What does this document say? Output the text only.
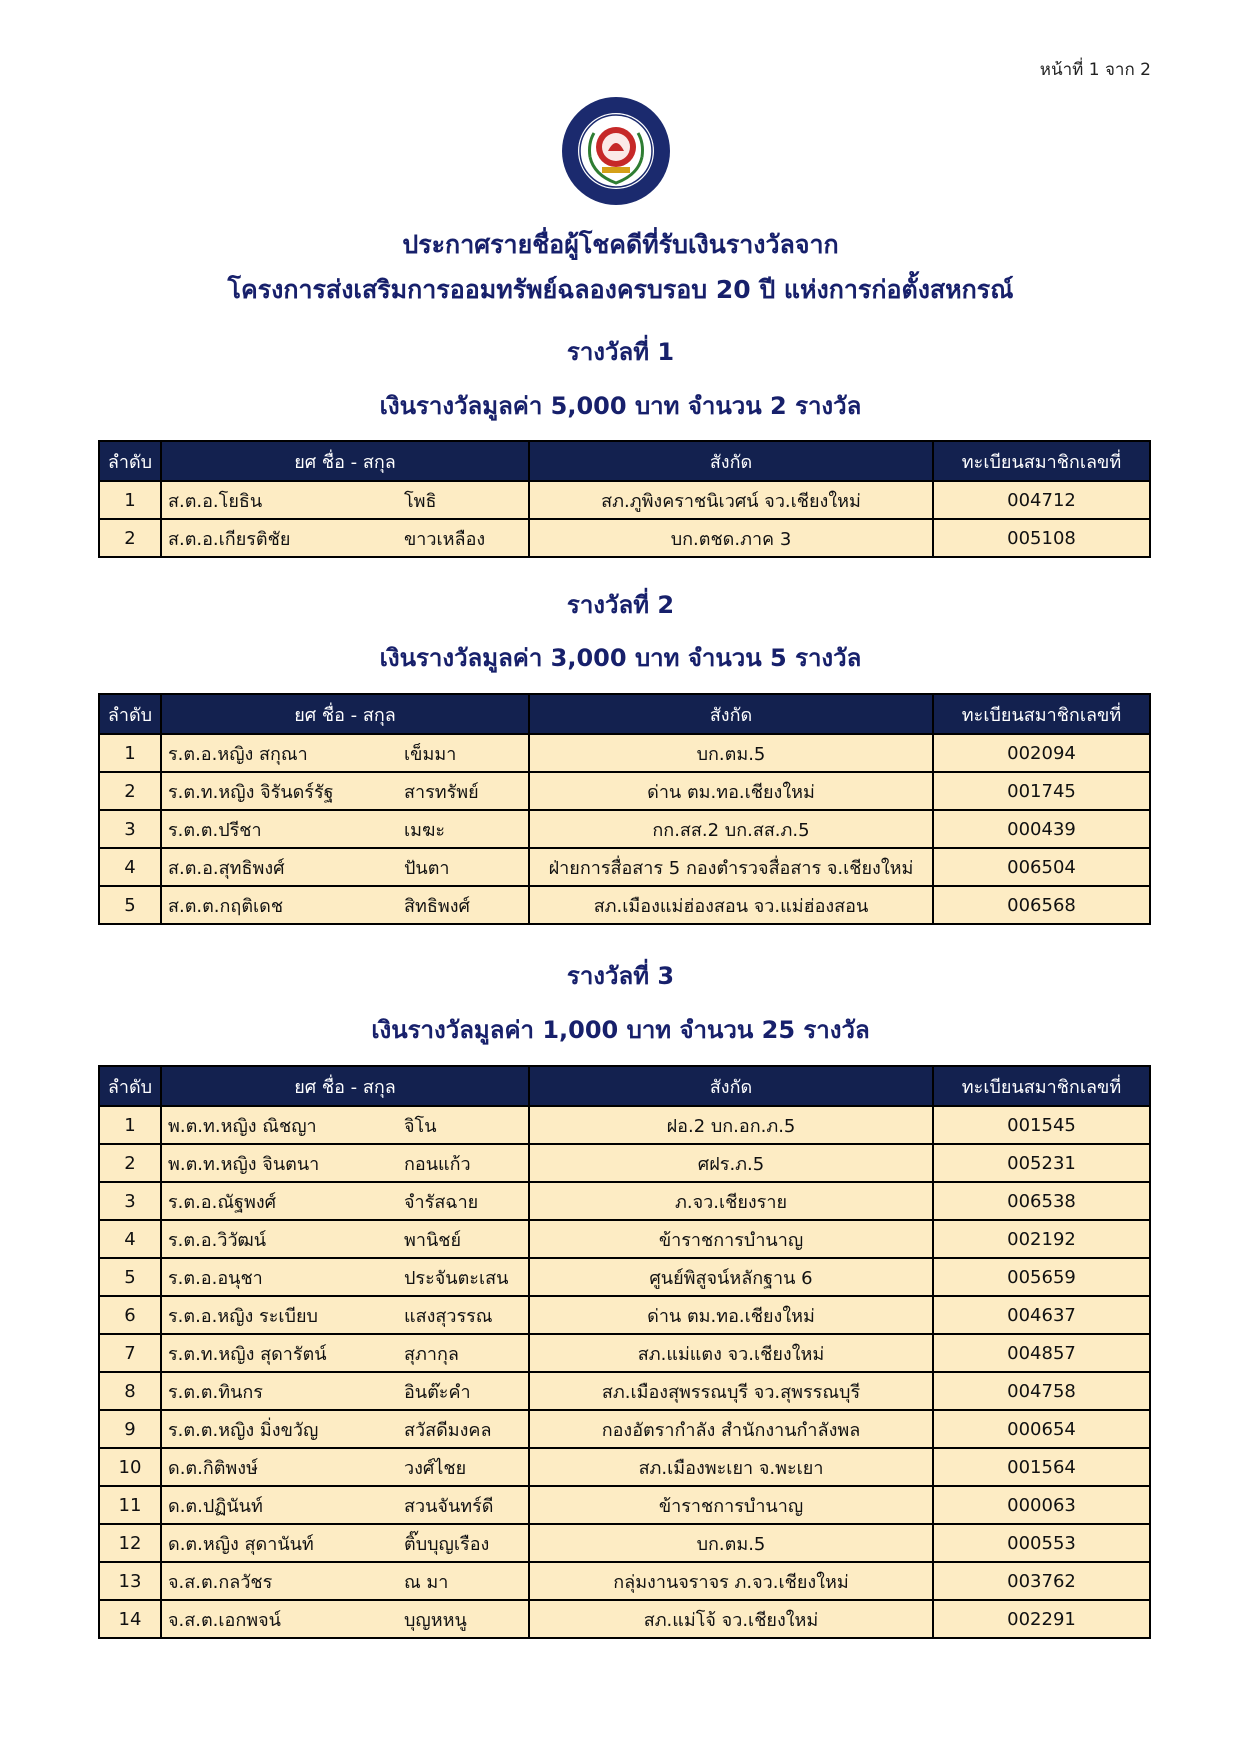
หน้าที่ 1 จาก 2
ประกาศรายชื่อผู้โชคดีที่รับเงินรางวัลจาก
โครงการส่งเสริมการออมทรัพย์ฉลองครบรอบ 20 ปี แห่งการก่อตั้งสหกรณ์
รางวัลที่ 1
เงินรางวัลมูลค่า 5,000 บาท จำนวน 2 รางวัล
ลำดับ	ยศ ชื่อ - สกุล	สังกัด	ทะเบียนสมาชิกเลขที่
1	ส.ต.อ.โยธิน โพธิ	สภ.ภูพิงคราชนิเวศน์ จว.เชียงใหม่	004712
2	ส.ต.อ.เกียรติชัย ขาวเหลือง	บก.ตชด.ภาค 3	005108
รางวัลที่ 2
เงินรางวัลมูลค่า 3,000 บาท จำนวน 5 รางวัล
ลำดับ	ยศ ชื่อ - สกุล	สังกัด	ทะเบียนสมาชิกเลขที่
1	ร.ต.อ.หญิง สกุณา เข็มมา	บก.ตม.5	002094
2	ร.ต.ท.หญิง จิรันดร์รัฐ สารทรัพย์	ด่าน ตม.ทอ.เชียงใหม่	001745
3	ร.ต.ต.ปรีชา เมฆะ	กก.สส.2 บก.สส.ภ.5	000439
4	ส.ต.อ.สุทธิพงศ์ ปันตา	ฝ่ายการสื่อสาร 5 กองตำรวจสื่อสาร จ.เชียงใหม่	006504
5	ส.ต.ต.กฤติเดช สิทธิพงศ์	สภ.เมืองแม่ฮ่องสอน จว.แม่ฮ่องสอน	006568
รางวัลที่ 3
เงินรางวัลมูลค่า 1,000 บาท จำนวน 25 รางวัล
ลำดับ	ยศ ชื่อ - สกุล	สังกัด	ทะเบียนสมาชิกเลขที่
1	พ.ต.ท.หญิง ณิชญา จิโน	ฝอ.2 บก.อก.ภ.5	001545
2	พ.ต.ท.หญิง จินตนา กอนแก้ว	ศฝร.ภ.5	005231
3	ร.ต.อ.ณัฐพงศ์ จำรัสฉาย	ภ.จว.เชียงราย	006538
4	ร.ต.อ.วิวัฒน์ พานิชย์	ข้าราชการบำนาญ	002192
5	ร.ต.อ.อนุชา ประจันตะเสน	ศูนย์พิสูจน์หลักฐาน 6	005659
6	ร.ต.อ.หญิง ระเบียบ แสงสุวรรณ	ด่าน ตม.ทอ.เชียงใหม่	004637
7	ร.ต.ท.หญิง สุดารัตน์ สุภากุล	สภ.แม่แตง จว.เชียงใหม่	004857
8	ร.ต.ต.ทินกร อินต๊ะคำ	สภ.เมืองสุพรรณบุรี จว.สุพรรณบุรี	004758
9	ร.ต.ต.หญิง มิ่งขวัญ สวัสดีมงคล	กองอัตรากำลัง สำนักงานกำลังพล	000654
10	ด.ต.กิติพงษ์ วงศ์ไชย	สภ.เมืองพะเยา จ.พะเยา	001564
11	ด.ต.ปฏินันท์ สวนจันทร์ดี	ข้าราชการบำนาญ	000063
12	ด.ต.หญิง สุดานันท์ ติ๊บบุญเรือง	บก.ตม.5	000553
13	จ.ส.ต.กลวัชร ณ มา	กลุ่มงานจราจร ภ.จว.เชียงใหม่	003762
14	จ.ส.ต.เอกพจน์ บุญหหนู	สภ.แม่โจ้ จว.เชียงใหม่	002291
